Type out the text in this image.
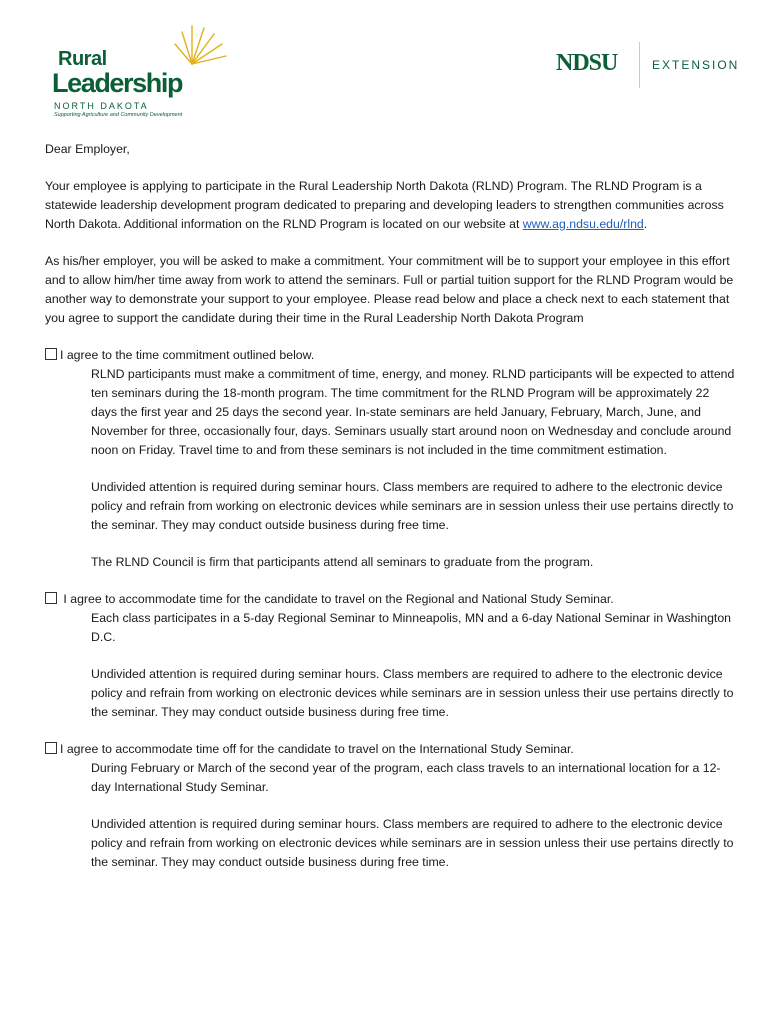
Rural
Leadership
NORTH DAKOTA
Supporting Agriculture and Community Development
NDSU	EXTENSION

Dear Employer,

Your employee is applying to participate in the Rural Leadership North Dakota (RLND) Program. The RLND Program is a statewide leadership development program dedicated to preparing and developing leaders to strengthen communities across North Dakota. Additional information on the RLND Program is located on our website at www.ag.ndsu.edu/rlnd.

As his/her employer, you will be asked to make a commitment. Your commitment will be to support your employee in this effort and to allow him/her time away from work to attend the seminars. Full or partial tuition support for the RLND Program would be another way to demonstrate your support to your employee. Please read below and place a check next to each statement that you agree to support the candidate during their time in the Rural Leadership North Dakota Program

I agree to the time commitment outlined below.

RLND participants must make a commitment of time, energy, and money. RLND participants will be expected to attend ten seminars during the 18-month program. The time commitment for the RLND Program will be approximately 22 days the first year and 25 days the second year. In-state seminars are held January, February, March, June, and November for three, occasionally four, days. Seminars usually start around noon on Wednesday and conclude around noon on Friday. Travel time to and from these seminars is not included in the time commitment estimation.

Undivided attention is required during seminar hours. Class members are required to adhere to the electronic device policy and refrain from working on electronic devices while seminars are in session unless their use pertains directly to the seminar. They may conduct outside business during free time.

The RLND Council is firm that participants attend all seminars to graduate from the program.

I agree to accommodate time for the candidate to travel on the Regional and National Study Seminar.

Each class participates in a 5-day Regional Seminar to Minneapolis, MN and a 6-day National Seminar in Washington D.C.

Undivided attention is required during seminar hours. Class members are required to adhere to the electronic device policy and refrain from working on electronic devices while seminars are in session unless their use pertains directly to the seminar. They may conduct outside business during free time.

I agree to accommodate time off for the candidate to travel on the International Study Seminar.

During February or March of the second year of the program, each class travels to an international location for a 12-day International Study Seminar.

Undivided attention is required during seminar hours. Class members are required to adhere to the electronic device policy and refrain from working on electronic devices while seminars are in session unless their use pertains directly to the seminar. They may conduct outside business during free time.
